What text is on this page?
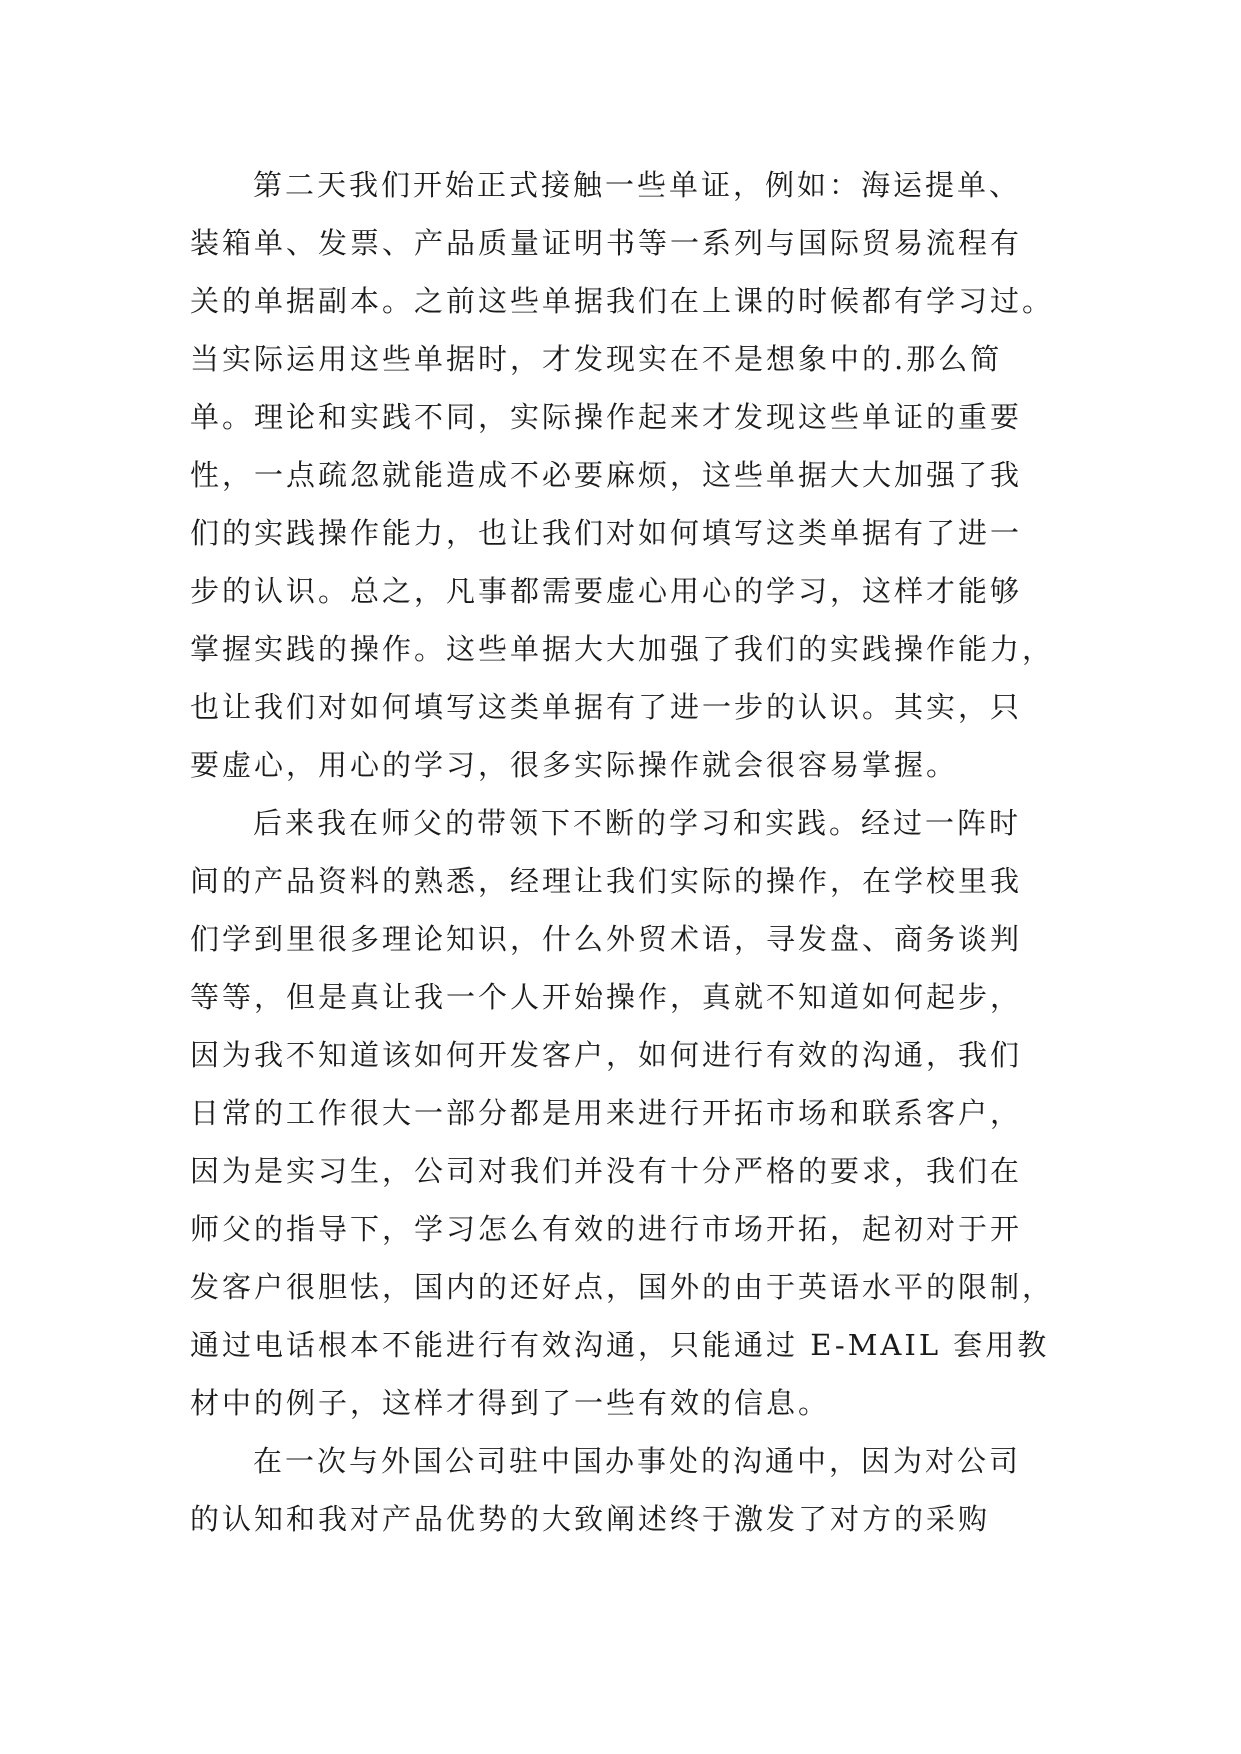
第二天我们开始正式接触一些单证，例如：海运提单、
装箱单、发票、产品质量证明书等一系列与国际贸易流程有
关的单据副本。之前这些单据我们在上课的时候都有学习过。
当实际运用这些单据时，才发现实在不是想象中的.那么简
单。理论和实践不同，实际操作起来才发现这些单证的重要
性，一点疏忽就能造成不必要麻烦，这些单据大大加强了我
们的实践操作能力，也让我们对如何填写这类单据有了进一
步的认识。总之，凡事都需要虚心用心的学习，这样才能够
掌握实践的操作。这些单据大大加强了我们的实践操作能力，
也让我们对如何填写这类单据有了进一步的认识。其实，只
要虚心，用心的学习，很多实际操作就会很容易掌握。
后来我在师父的带领下不断的学习和实践。经过一阵时
间的产品资料的熟悉，经理让我们实际的操作，在学校里我
们学到里很多理论知识，什么外贸术语，寻发盘、商务谈判
等等，但是真让我一个人开始操作，真就不知道如何起步，
因为我不知道该如何开发客户，如何进行有效的沟通，我们
日常的工作很大一部分都是用来进行开拓市场和联系客户，
因为是实习生，公司对我们并没有十分严格的要求，我们在
师父的指导下，学习怎么有效的进行市场开拓，起初对于开
发客户很胆怯，国内的还好点，国外的由于英语水平的限制，
通过电话根本不能进行有效沟通，只能通过 E-MAIL 套用教
材中的例子，这样才得到了一些有效的信息。
在一次与外国公司驻中国办事处的沟通中，因为对公司
的认知和我对产品优势的大致阐述终于激发了对方的采购
